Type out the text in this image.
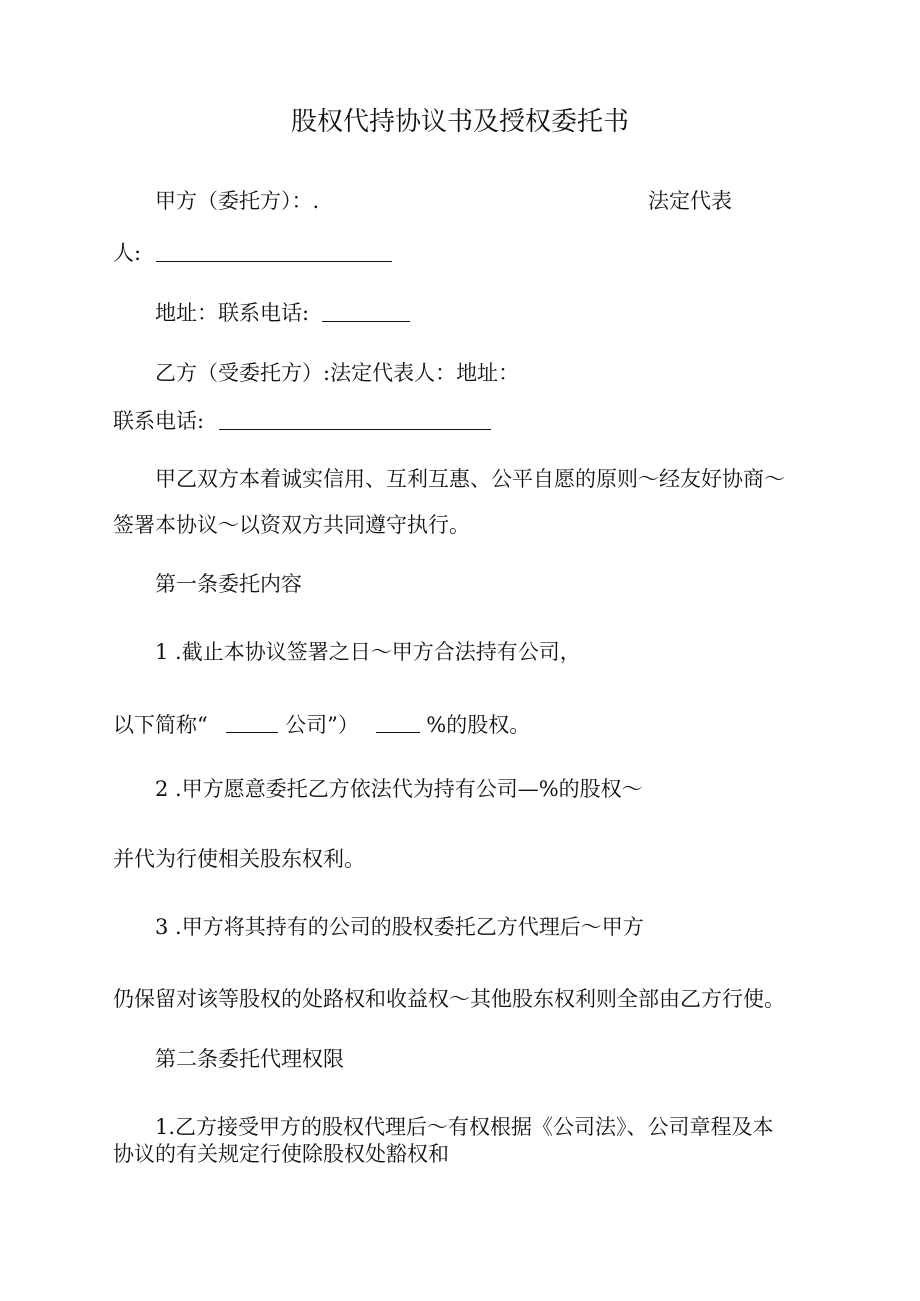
股权代持协议书及授权委托书
甲方（委托方）：.	法定代表
人:
地址：联系电话:
乙方（受委托方）:法定代表人：地址：
联系电话:
甲乙双方本着诚实信用、互利互惠、公平自愿的原则～经友好协商～
签署本协议～以资双方共同遵守执行。
第一条委托内容
1 .截止本协议签署之日～甲方合法持有公司，
以下简称“	公司”）	%的股权。
2 .甲方愿意委托乙方依法代为持有公司—%的股权～
并代为行使相关股东权利。
3 .甲方将其持有的公司的股权委托乙方代理后～甲方
仍保留对该等股权的处路权和收益权～其他股东权利则全部由乙方行使。
第二条委托代理权限
1.乙方接受甲方的股权代理后～有权根据《公司法》、公司章程及本
协议的有关规定行使除股权处豁权和
